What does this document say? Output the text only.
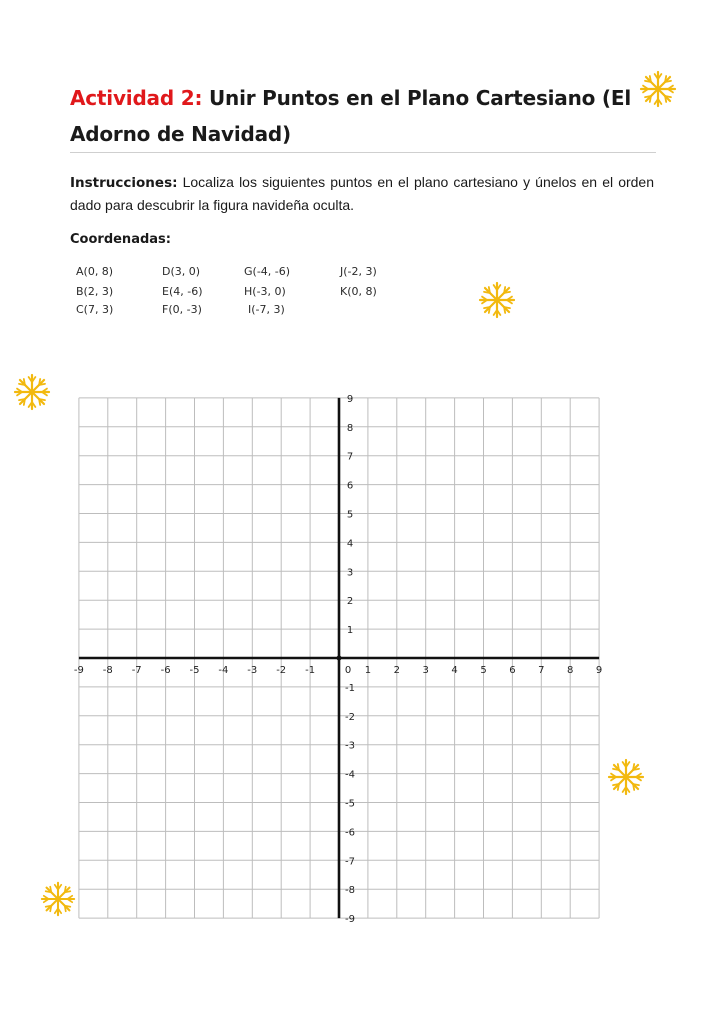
Actividad 2: Unir Puntos en el Plano Cartesiano (El
Adorno de Navidad)
Instrucciones: Localiza los siguientes puntos en el plano cartesiano y únelos en el orden dado para descubrir la figura navideña oculta.
Coordenadas:
A(0, 8)
B(2, 3)
C(7, 3)
D(3, 0)
E(4, -6)
F(0, -3)
G(-4, -6)
H(-3, 0)
I(-7, 3)
J(-2, 3)
K(0, 8)
-9 -8 -7 -6 -5 -4 -3 -2 -1	1 2 3 4 5 6 7 8 9
-9
-8
-7
-6
-5
-4
-3
-2
-1
1
2
3
4
5
6
7
8
9
0
